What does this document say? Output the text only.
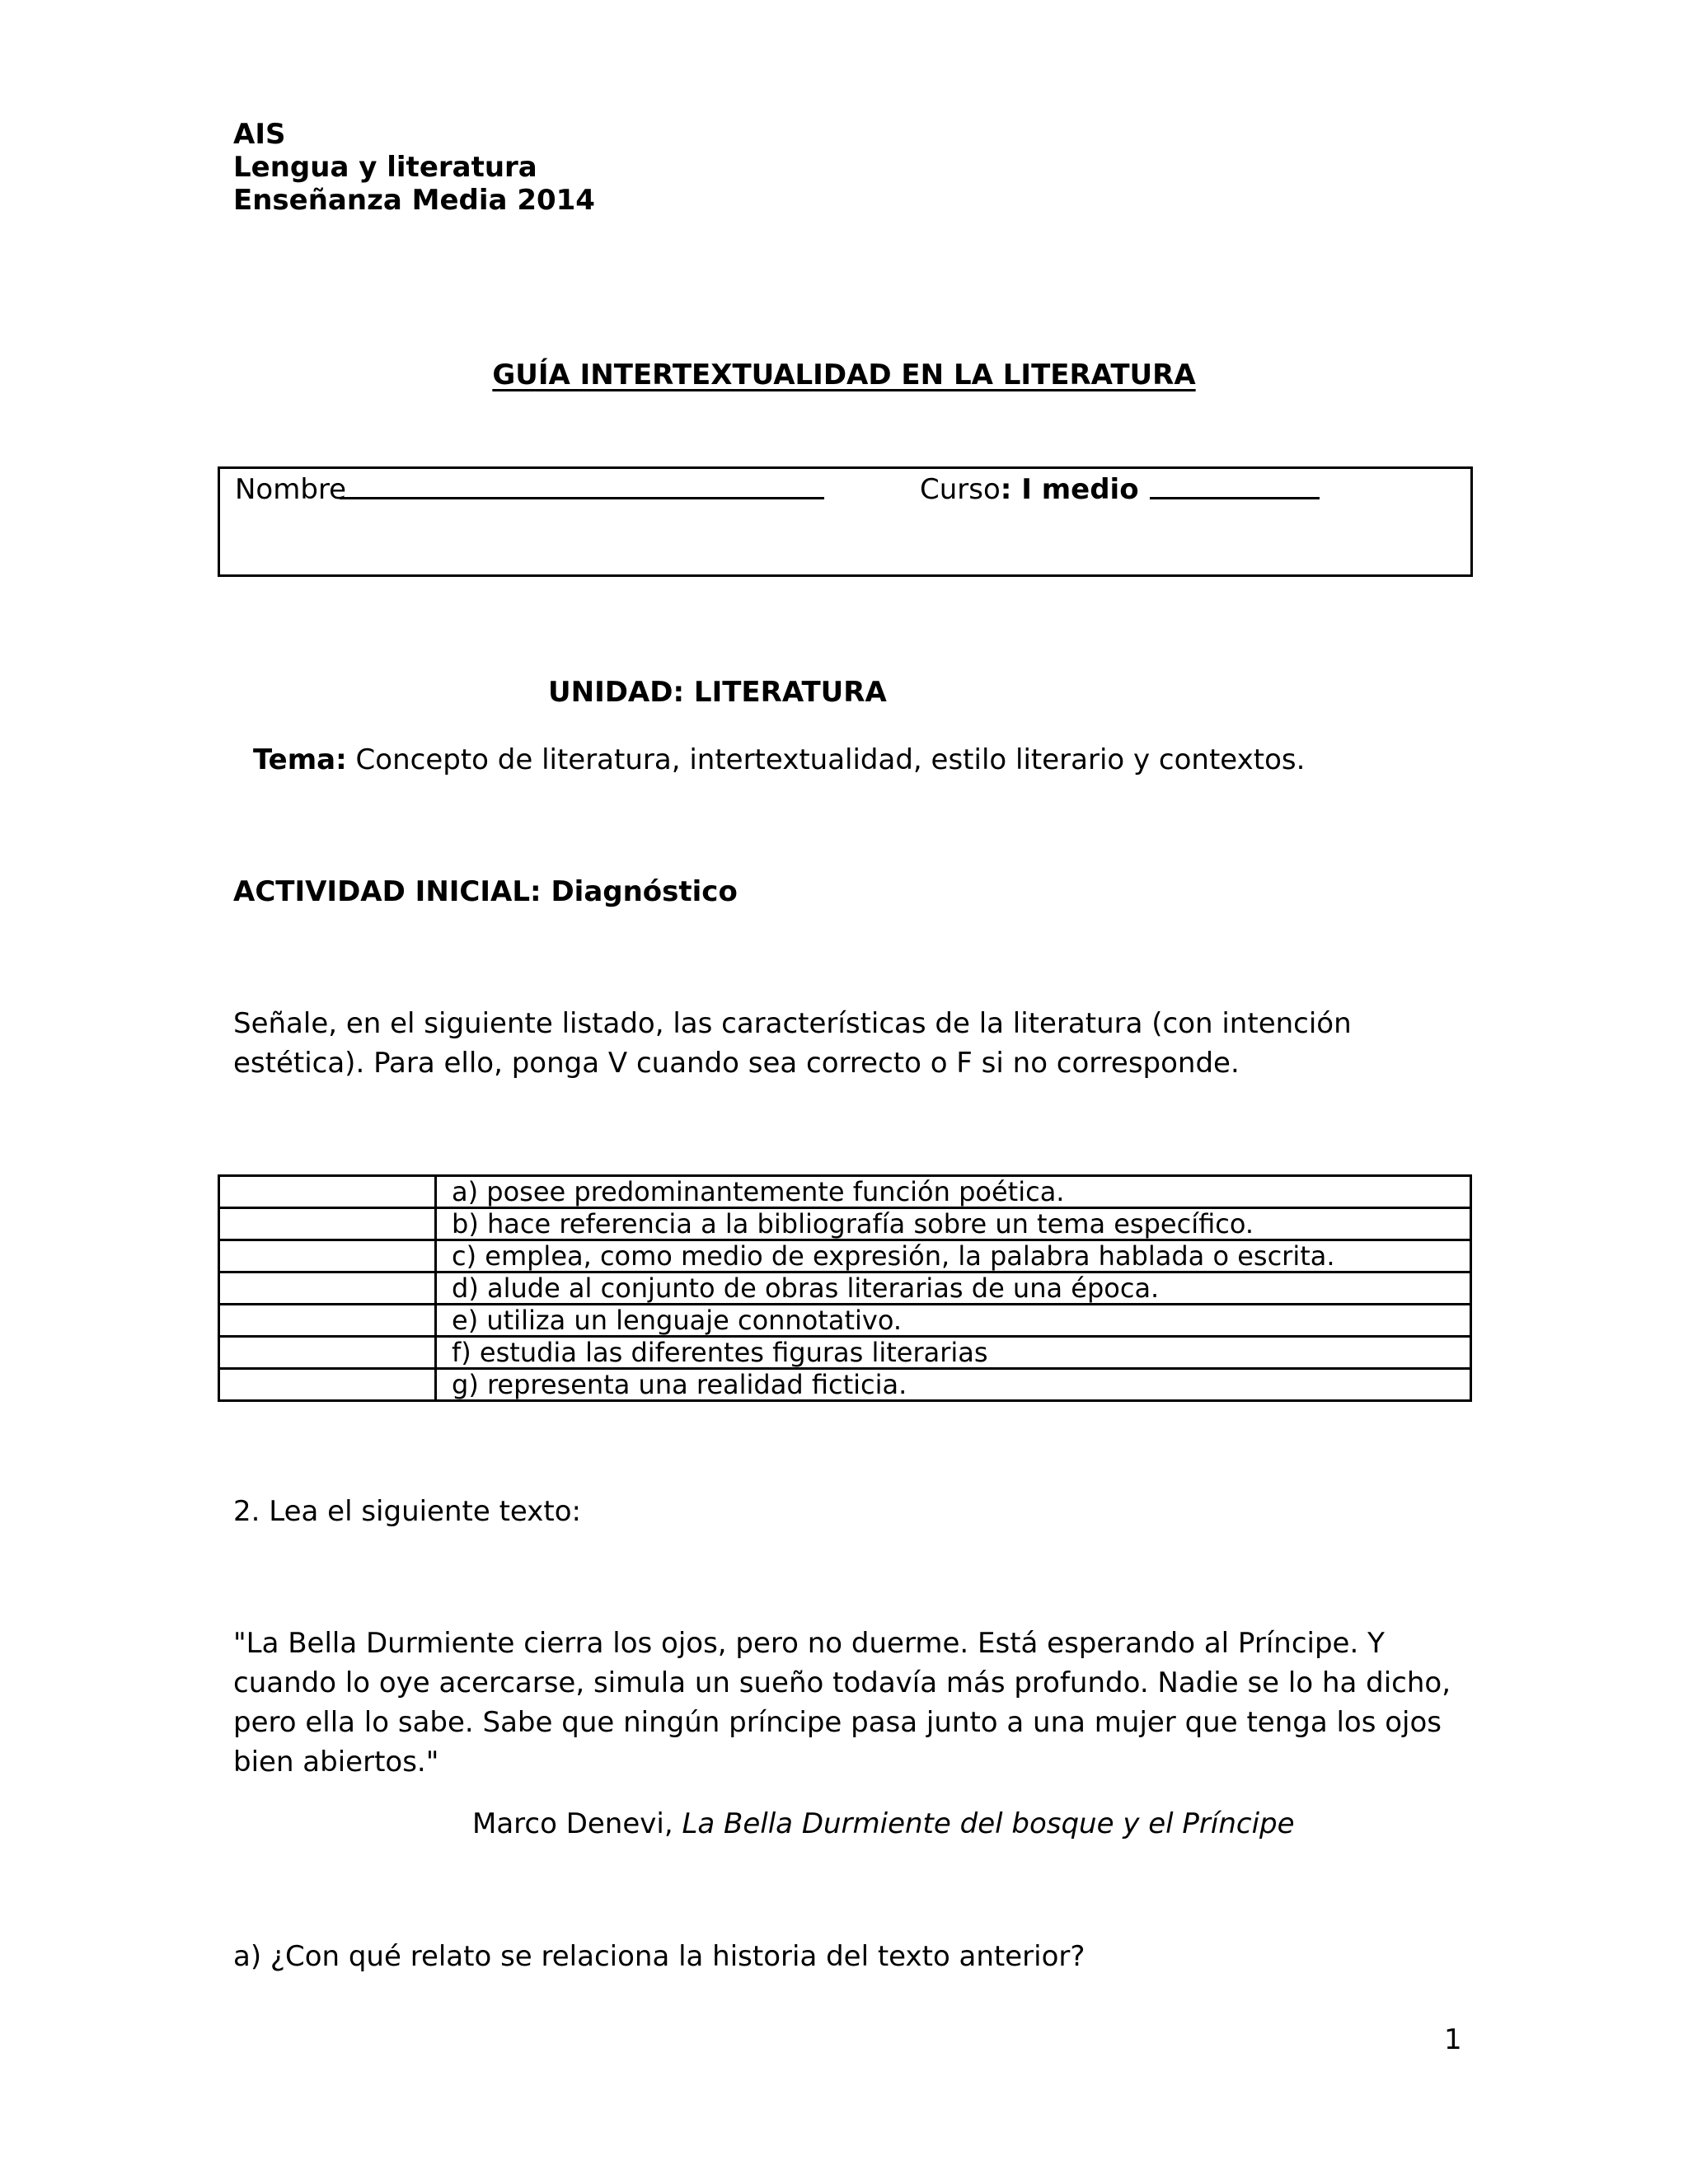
AIS
Lengua y literatura
Enseñanza Media 2014
GUÍA INTERTEXTUALIDAD EN LA LITERATURA
Nombre	Curso: I medio
UNIDAD: LITERATURA
Tema: Concepto de literatura, intertextualidad, estilo literario y contextos.
ACTIVIDAD INICIAL: Diagnóstico
Señale, en el siguiente listado, las características de la literatura (con intención
estética). Para ello, ponga V cuando sea correcto o F si no corresponde.
	a) posee predominantemente función poética.
	b) hace referencia a la bibliografía sobre un tema específico.
	c) emplea, como medio de expresión, la palabra hablada o escrita.
	d) alude al conjunto de obras literarias de una época.
	e) utiliza un lenguaje connotativo.
	f) estudia las diferentes figuras literarias
	g) representa una realidad ficticia.
2. Lea el siguiente texto:
"La Bella Durmiente cierra los ojos, pero no duerme. Está esperando al Príncipe. Y
cuando lo oye acercarse, simula un sueño todavía más profundo. Nadie se lo ha dicho,
pero ella lo sabe. Sabe que ningún príncipe pasa junto a una mujer que tenga los ojos
bien abiertos."
Marco Denevi, La Bella Durmiente del bosque y el Príncipe
a) ¿Con qué relato se relaciona la historia del texto anterior?
1
